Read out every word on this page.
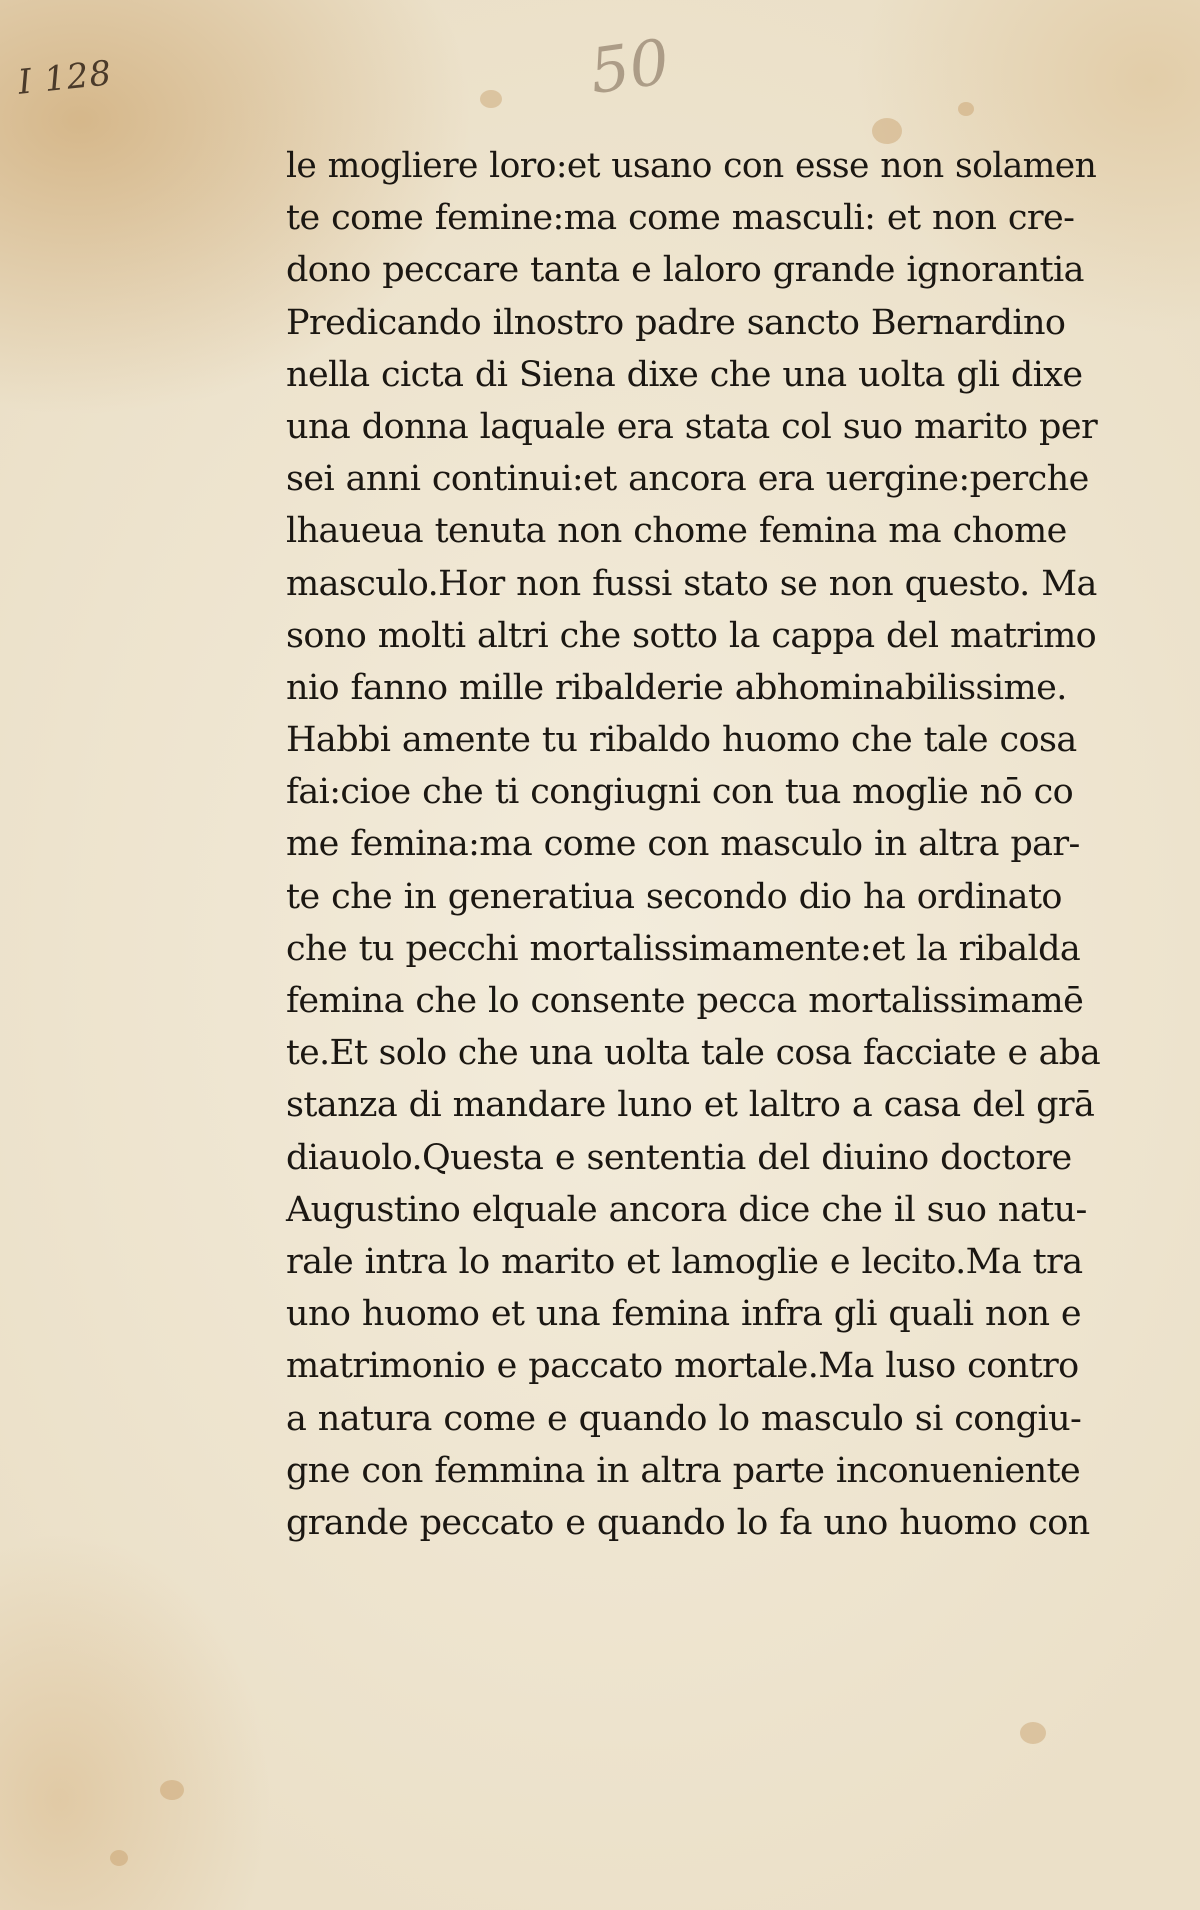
I 128	50
le mogliere loro:et usano con esse non solamen
te come femine:ma come masculi: et non cre-
dono peccare tanta e laloro grande ignorantia
Predicando ilnostro padre sancto Bernardino
nella cicta di Siena dixe che una uolta gli dixe
una donna laquale era stata col suo marito per
sei anni continui:et ancora era uergine:perche
lhaueua tenuta non chome femina ma chome
masculo.Hor non fussi stato se non questo. Ma
sono molti altri che sotto la cappa del matrimo
nio fanno mille ribalderie abhominabilissime.
Habbi amente tu ribaldo huomo che tale cosa
fai:cioe che ti congiugni con tua moglie nō co
me femina:ma come con masculo in altra par-
te che in generatiua secondo dio ha ordinato
che tu pecchi mortalissimamente:et la ribalda
femina che lo consente pecca mortalissimamē
te.Et solo che una uolta tale cosa facciate e aba
stanza di mandare luno et laltro a casa del grā
diauolo.Questa e sententia del diuino doctore
Augustino elquale ancora dice che il suo natu-
rale intra lo marito et lamoglie e lecito.Ma tra
uno huomo et una femina infra gli quali non e
matrimonio e paccato mortale.Ma luso contro
a natura come e quando lo masculo si congiu-
gne con femmina in altra parte inconueniente
grande peccato e quando lo fa uno huomo con
